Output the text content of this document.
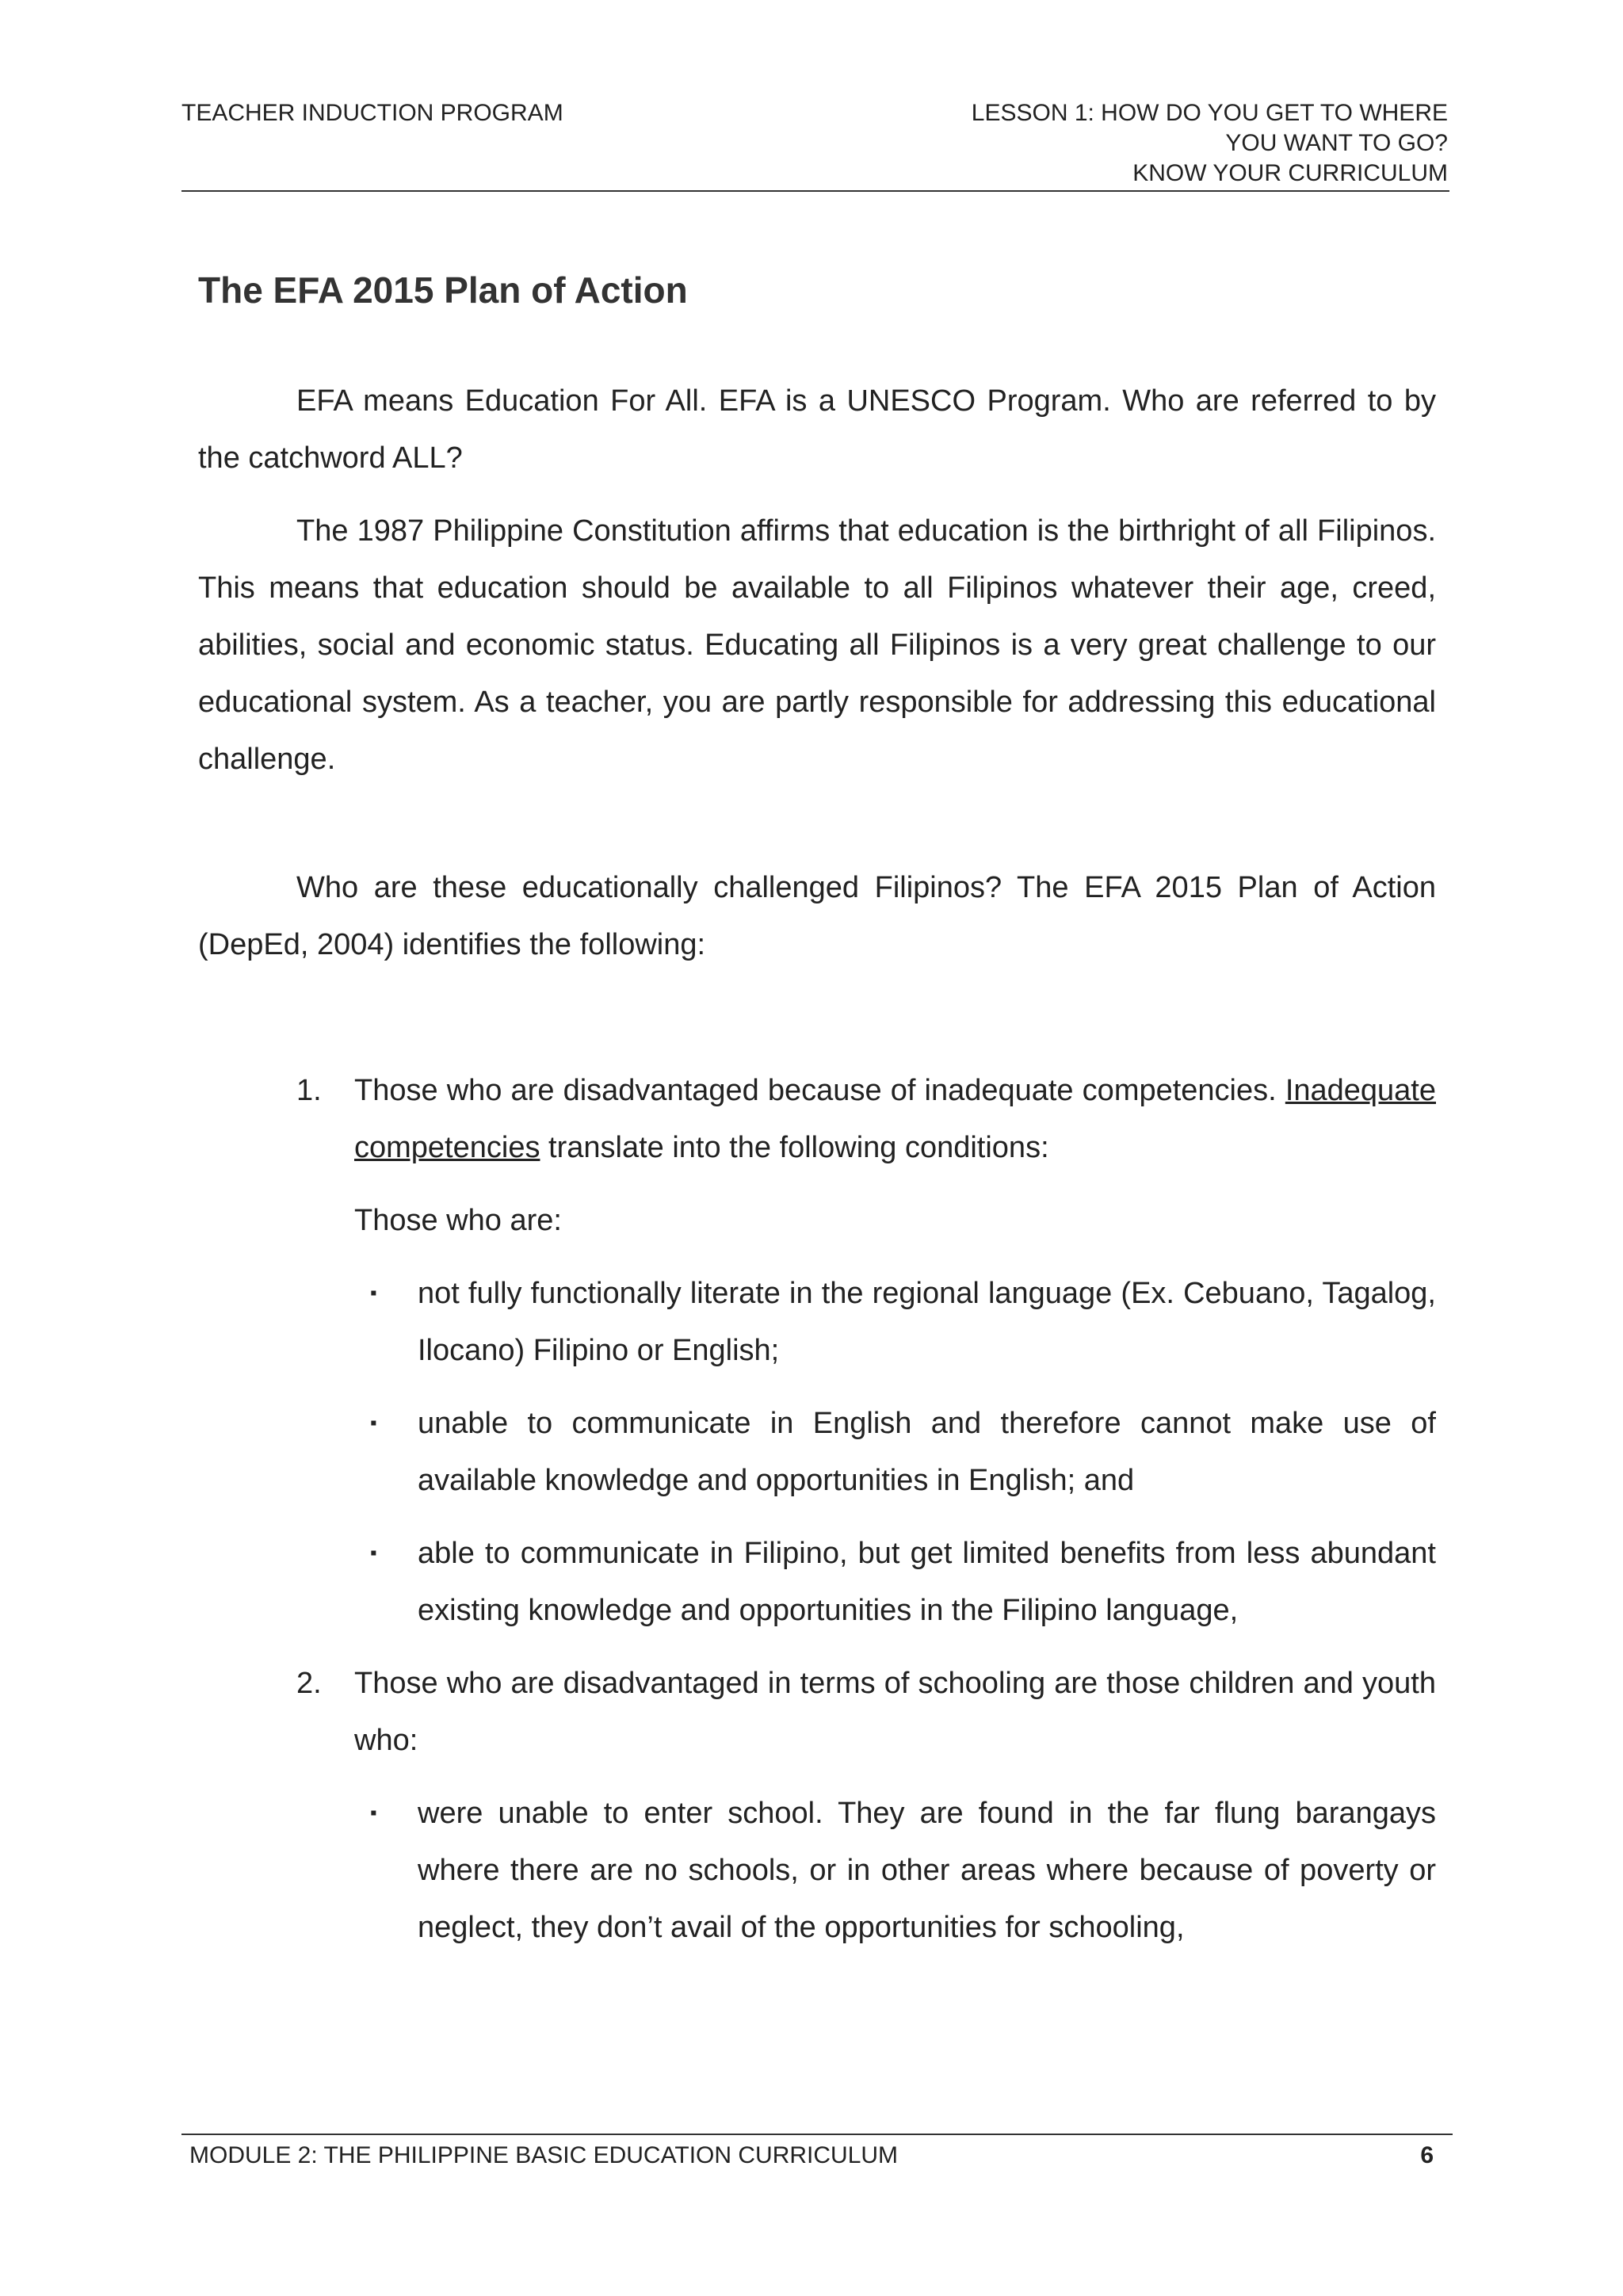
TEACHER INDUCTION PROGRAM	LESSON 1: HOW DO YOU GET TO WHERE
YOU WANT TO GO?
KNOW YOUR CURRICULUM
The EFA 2015 Plan of Action

EFA means Education For All. EFA is a UNESCO Program. Who are referred to by the catchword ALL?

The 1987 Philippine Constitution affirms that education is the birthright of all Filipinos. This means that education should be available to all Filipinos whatever their age, creed, abilities, social and economic status. Educating all Filipinos is a very great challenge to our educational system. As a teacher, you are partly responsible for addressing this educational challenge.

Who are these educationally challenged Filipinos? The EFA 2015 Plan of Action (DepEd, 2004) identifies the following:

1. Those who are disadvantaged because of inadequate competencies. Inadequate competencies translate into the following conditions:

Those who are:

▪ not fully functionally literate in the regional language (Ex. Cebuano, Tagalog, Ilocano) Filipino or English;
▪ unable to communicate in English and therefore cannot make use of available knowledge and opportunities in English; and
▪ able to communicate in Filipino, but get limited benefits from less abundant existing knowledge and opportunities in the Filipino language,
2. Those who are disadvantaged in terms of schooling are those children and youth who:

▪ were unable to enter school. They are found in the far flung barangays where there are no schools, or in other areas where because of poverty or neglect, they don’t avail of the opportunities for schooling,
MODULE 2: THE PHILIPPINE BASIC EDUCATION CURRICULUM	6
